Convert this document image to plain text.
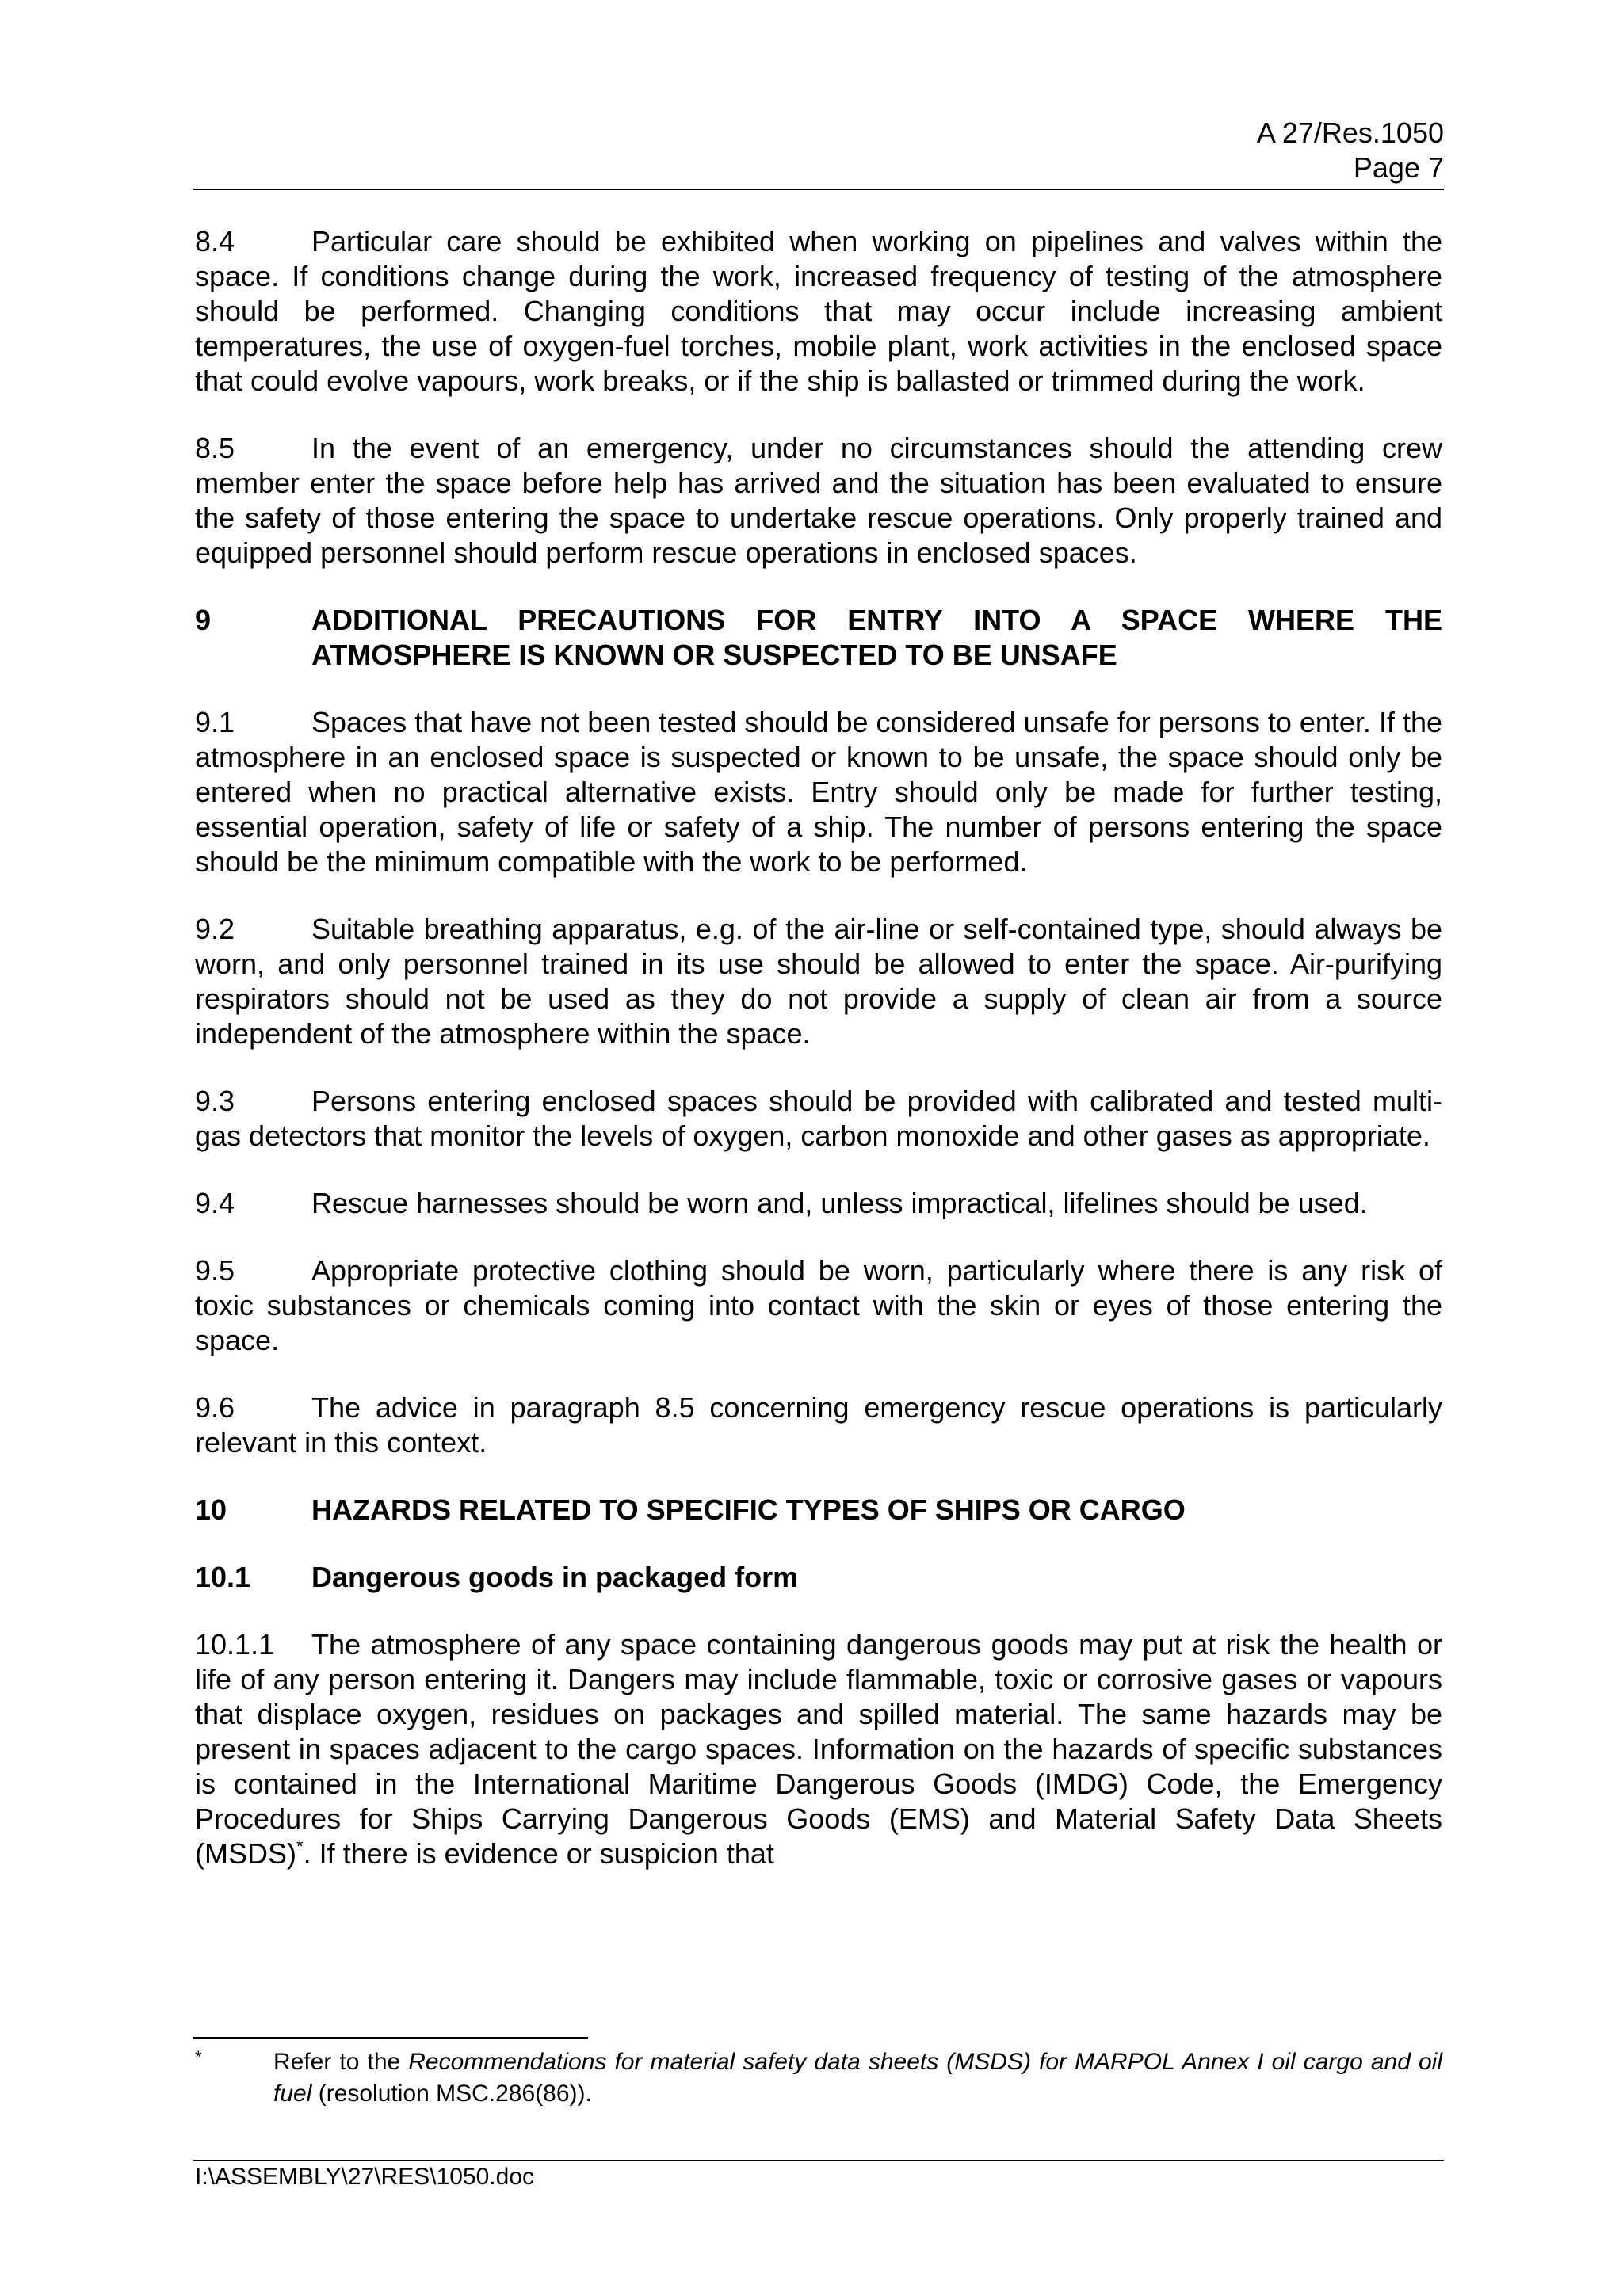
A 27/Res.1050
Page 7

8.4	Particular care should be exhibited when working on pipelines and valves within the space. If conditions change during the work, increased frequency of testing of the atmosphere should be performed. Changing conditions that may occur include increasing ambient temperatures, the use of oxygen-fuel torches, mobile plant, work activities in the enclosed space that could evolve vapours, work breaks, or if the ship is ballasted or trimmed during the work.

8.5	In the event of an emergency, under no circumstances should the attending crew member enter the space before help has arrived and the situation has been evaluated to ensure the safety of those entering the space to undertake rescue operations. Only properly trained and equipped personnel should perform rescue operations in enclosed spaces.

9	ADDITIONAL PRECAUTIONS FOR ENTRY INTO A SPACE WHERE THE ATMOSPHERE IS KNOWN OR SUSPECTED TO BE UNSAFE

9.1	Spaces that have not been tested should be considered unsafe for persons to enter. If the atmosphere in an enclosed space is suspected or known to be unsafe, the space should only be entered when no practical alternative exists. Entry should only be made for further testing, essential operation, safety of life or safety of a ship. The number of persons entering the space should be the minimum compatible with the work to be performed.

9.2	Suitable breathing apparatus, e.g. of the air-line or self-contained type, should always be worn, and only personnel trained in its use should be allowed to enter the space. Air-purifying respirators should not be used as they do not provide a supply of clean air from a source independent of the atmosphere within the space.

9.3	Persons entering enclosed spaces should be provided with calibrated and tested multi-gas detectors that monitor the levels of oxygen, carbon monoxide and other gases as appropriate.

9.4	Rescue harnesses should be worn and, unless impractical, lifelines should be used.

9.5	Appropriate protective clothing should be worn, particularly where there is any risk of toxic substances or chemicals coming into contact with the skin or eyes of those entering the space.

9.6	The advice in paragraph 8.5 concerning emergency rescue operations is particularly relevant in this context.

10	HAZARDS RELATED TO SPECIFIC TYPES OF SHIPS OR CARGO
10.1	Dangerous goods in packaged form

10.1.1 The atmosphere of any space containing dangerous goods may put at risk the health or life of any person entering it. Dangers may include flammable, toxic or corrosive gases or vapours that displace oxygen, residues on packages and spilled material. The same hazards may be present in spaces adjacent to the cargo spaces. Information on the hazards of specific substances is contained in the International Maritime Dangerous Goods (IMDG) Code, the Emergency Procedures for Ships Carrying Dangerous Goods (EMS) and Material Safety Data Sheets (MSDS)*. If there is evidence or suspicion that

*	Refer to the Recommendations for material safety data sheets (MSDS) for MARPOL Annex I oil cargo and oil fuel (resolution MSC.286(86)).
I:\ASSEMBLY\27\RES\1050.doc
